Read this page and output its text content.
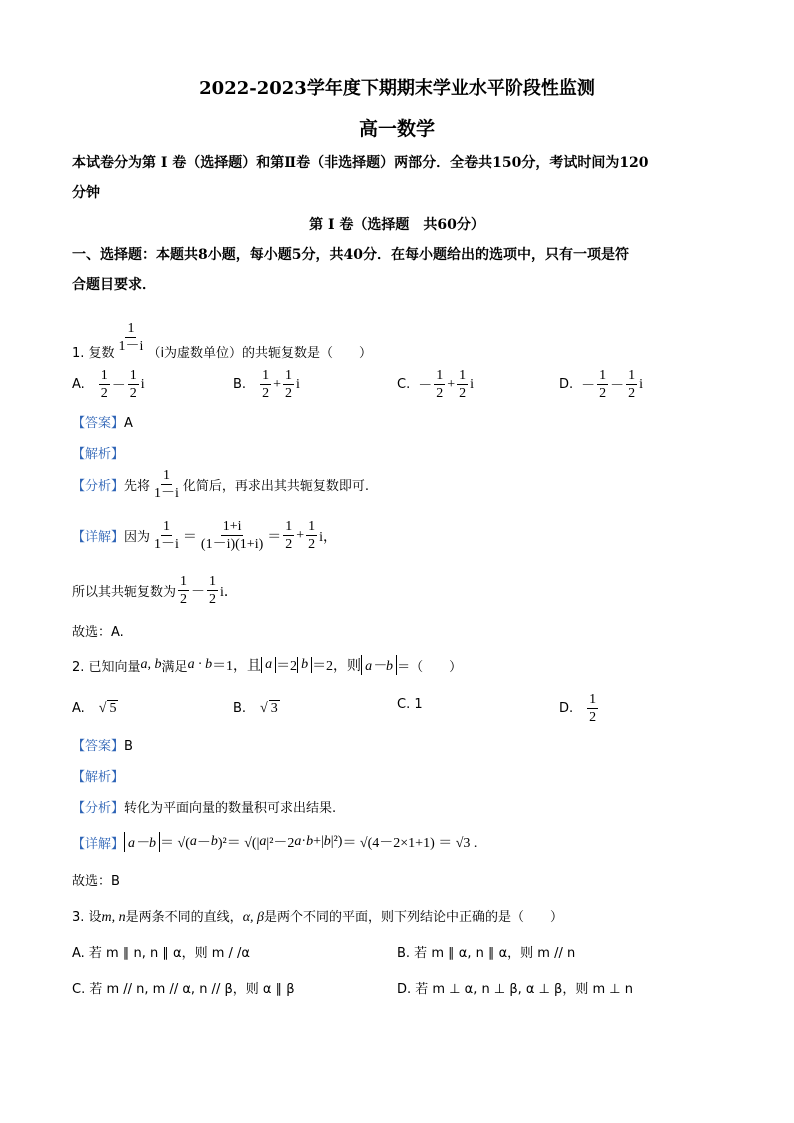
2022-2023学年度下期期末学业水平阶段性监测
高一数学
本试卷分为第 I 卷（选择题）和第Ⅱ卷（非选择题）两部分．全卷共150分，考试时间为120
分钟
第 I 卷（选择题　共60分）
一、选择题：本题共8小题，每小题5分，共40分．在每小题给出的选项中，只有一项是符
合题目要求．
1. 复数 $\frac{1}{1-i} (i$为虚数单位）的共轭复数是（　　）
A. $\frac{1}{2} - \frac{1}{2}$ i	B. $\frac{1}{2} + \frac{1}{2}$ i	C. － $\frac{1}{2} + \frac{1}{2}$ i	D. － $\frac{1}{2} - \frac{1}{2}$ i
【答案】A
【解析】
【分析】 先将 $\frac{1}{1-i}$ 化简后，再求出其共轭复数即可.
【详解】 因为 $\frac{1}{1-i} = \frac{1+i}{(1-i)(1+i)} = \frac{1}{2} + \frac{1}{2}$ i，
所以其共轭复数为 $\frac{1}{2} - \frac{1}{2}$ i．
故选：A.
2. 已知向量 a, b 满足 a · b ＝1，且 a ＝2 b ＝2，则 a－b ＝（　　）
A.　√ 5	B.　√ 3	C. 1	D. $\frac{1}{2}$
【答案】B
【解析】
【分析】转化为平面向量的数量积可求出结果.
【详解】 a－b ＝ √( a － b )²＝ √(| a |²－2 a · b +| b |²) ＝ √(4－2×1+1) ＝ √3 .
故选：B
3. 设m, n是两条不同的直线，α, β是两个不同的平面，则下列结论中正确的是（　　）
A. 若 m ∥ n, n ∥ α，则 m / /α	B. 若 m ∥ α, n ∥ α，则 m // n
C. 若 m // n, m // α, n // β，则 α ∥ β	D. 若 m ⊥ α, n ⊥ β, α ⊥ β，则 m ⊥ n
